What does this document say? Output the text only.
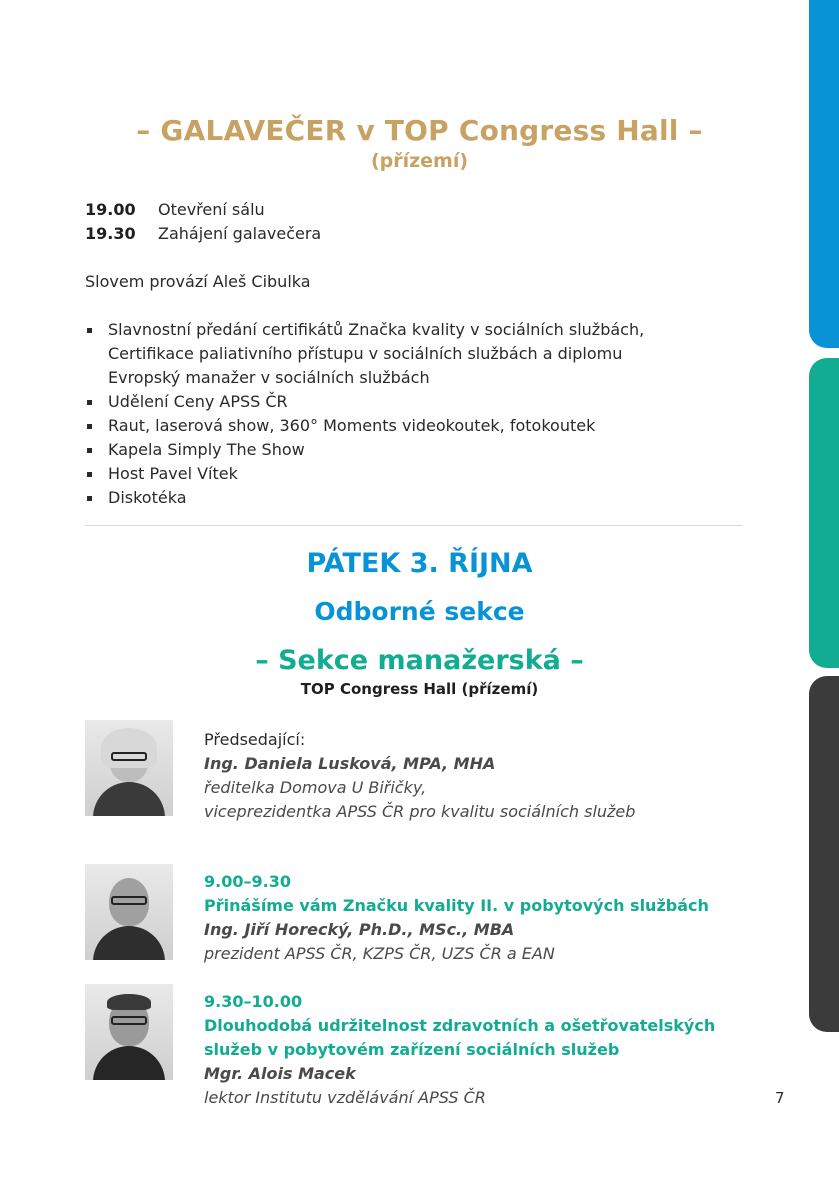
– GALAVEČER v TOP Congress Hall –
(přízemí)
19.00 Otevření sálu
19.30 Zahájení galavečera
Slovem provází Aleš Cibulka
Slavnostní předání certifikátů Značka kvality v sociálních službách,
Certifikace paliativního přístupu v sociálních službách a diplomu
Evropský manažer v sociálních službách
Udělení Ceny APSS ČR
Raut, laserová show, 360° Moments videokoutek, fotokoutek
Kapela Simply The Show
Host Pavel Vítek
Diskotéka
PÁTEK 3. ŘÍJNA
Odborné sekce
– Sekce manažerská –
TOP Congress Hall (přízemí)
Předsedající:
Ing. Daniela Lusková, MPA, MHA
ředitelka Domova U Biřičky,
viceprezidentka APSS ČR pro kvalitu sociálních služeb
9.00–9.30
Přinášíme vám Značku kvality II. v pobytových službách
Ing. Jiří Horecký, Ph.D., MSc., MBA
prezident APSS ČR, KZPS ČR, UZS ČR a EAN
9.30–10.00
Dlouhodobá udržitelnost zdravotních a ošetřovatelských
služeb v pobytovém zařízení sociálních služeb
Mgr. Alois Macek
lektor Institutu vzdělávání APSS ČR	7
